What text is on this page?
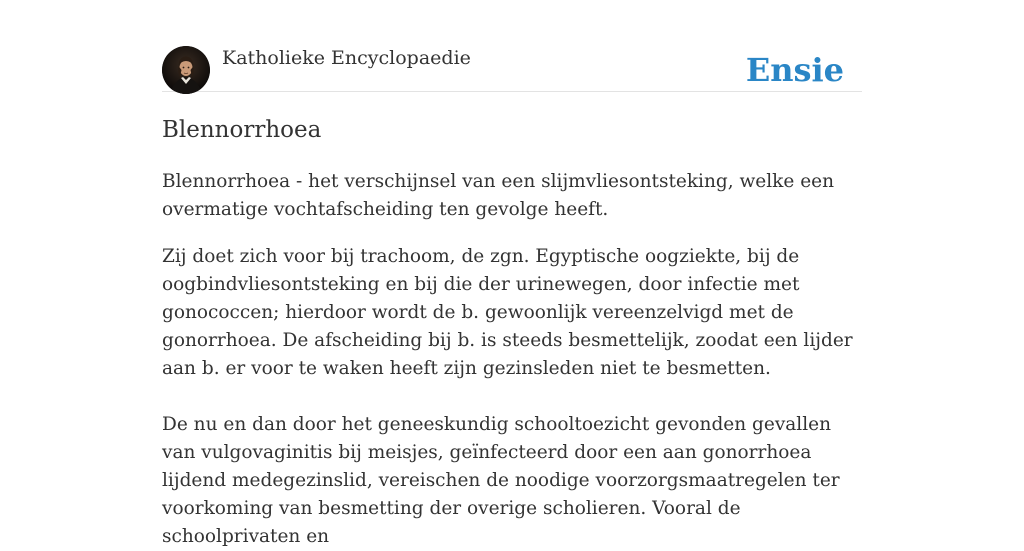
Katholieke Encyclopaedie	Ensie
Blennorrhoea

Blennorrhoea - het verschijnsel van een slijmvliesontsteking, welke een overmatige vochtafscheiding ten gevolge heeft.

Zij doet zich voor bij trachoom, de zgn. Egyptische oogziekte, bij de oogbindvliesontsteking en bij die der urinewegen, door infectie met gonococcen; hierdoor wordt de b. gewoonlijk vereenzelvigd met de gonorrhoea. De afscheiding bij b. is steeds besmettelijk, zoodat een lijder aan b. er voor te waken heeft zijn gezinsleden niet te besmetten.

De nu en dan door het geneeskundig schooltoezicht gevonden gevallen van vulgovaginitis bij meisjes, geïnfecteerd door een aan gonorrhoea lijdend medegezinslid, vereischen de noodige voorzorgsmaatregelen ter voorkoming van besmetting der overige scholieren. Vooral de schoolprivaten en
